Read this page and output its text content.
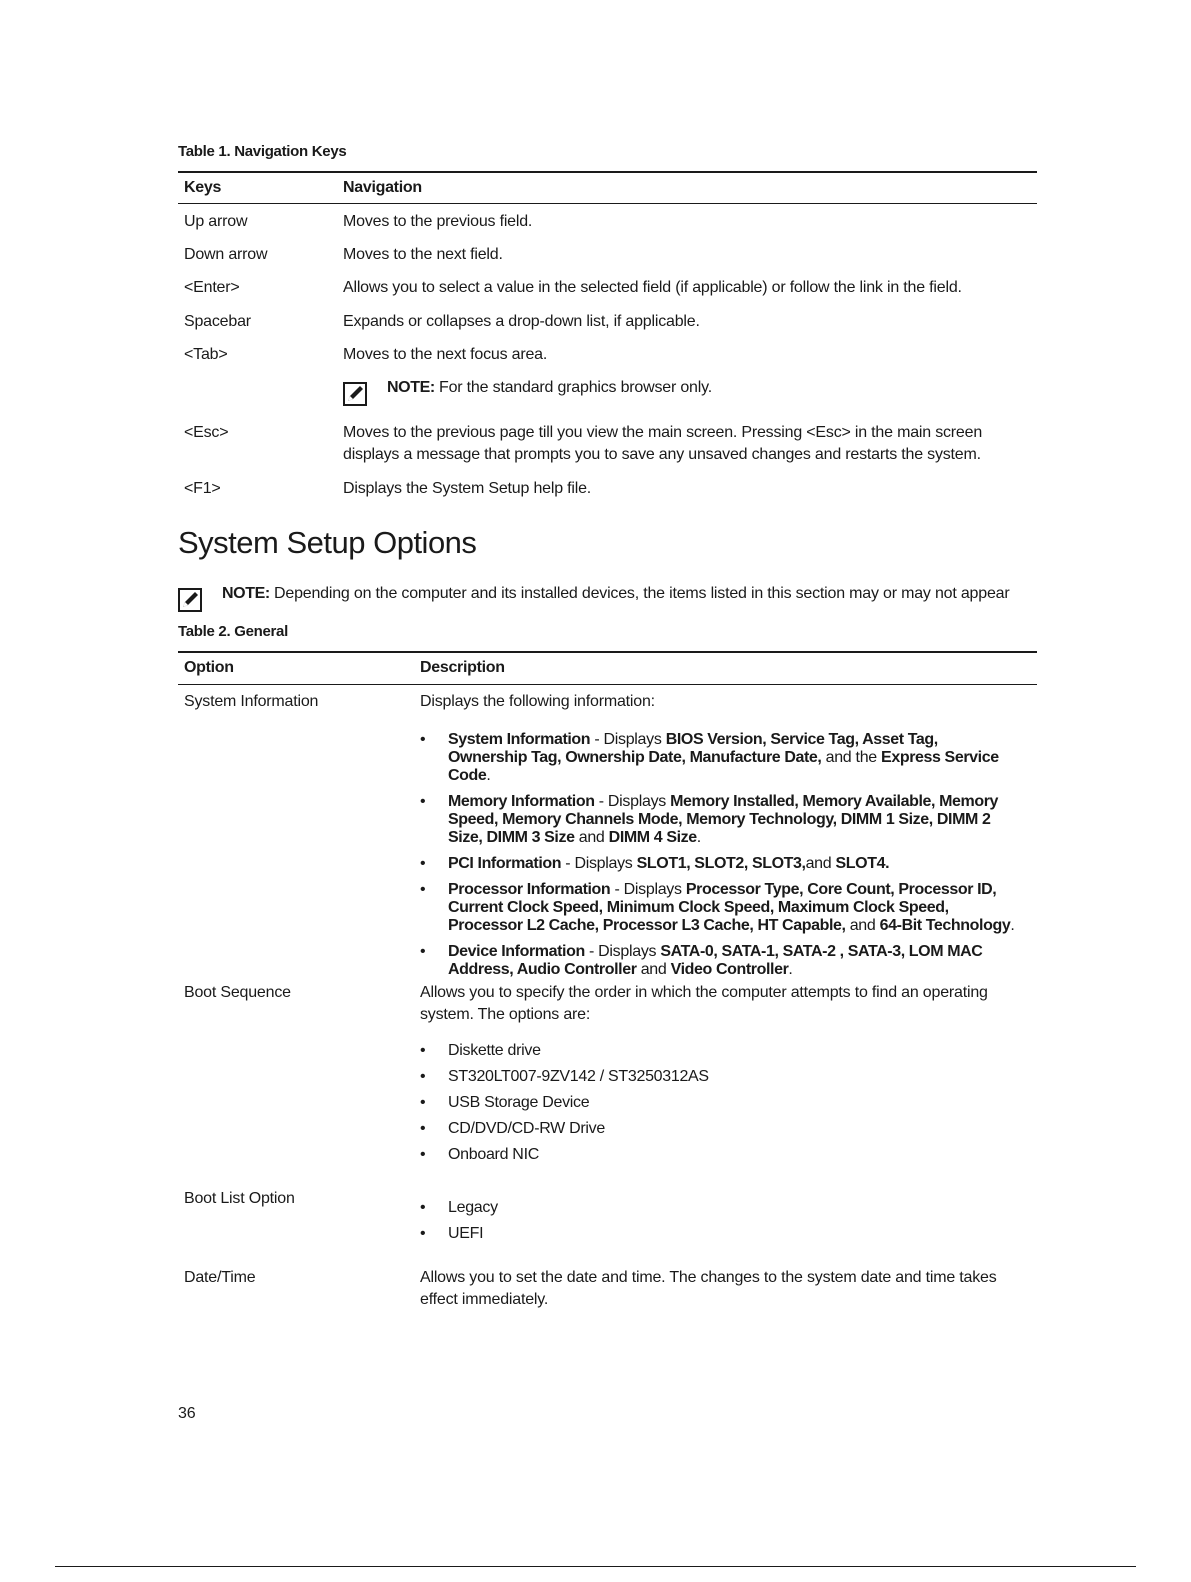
Table 1. Navigation Keys
Keys	Navigation
Up arrow	Moves to the previous field.
Down arrow	Moves to the next field.
<Enter>	Allows you to select a value in the selected field (if applicable) or follow the link in the field.
Spacebar	Expands or collapses a drop-down list, if applicable.
<Tab>	Moves to the next focus area.
NOTE: For the standard graphics browser only.
<Esc>	Moves to the previous page till you view the main screen. Pressing <Esc> in the main screen displays a message that prompts you to save any unsaved changes and restarts the system.
<F1>	Displays the System Setup help file.
System Setup Options
NOTE: Depending on the computer and its installed devices, the items listed in this section may or may not appear
Table 2. General
Option	Description
System Information	Displays the following information:
• System Information - Displays BIOS Version, Service Tag, Asset Tag, Ownership Tag, Ownership Date, Manufacture Date, and the Express Service Code.
• Memory Information - Displays Memory Installed, Memory Available, Memory Speed, Memory Channels Mode, Memory Technology, DIMM 1 Size, DIMM 2 Size, DIMM 3 Size and DIMM 4 Size.
• PCI Information - Displays SLOT1, SLOT2, SLOT3,and SLOT4.
• Processor Information - Displays Processor Type, Core Count, Processor ID, Current Clock Speed, Minimum Clock Speed, Maximum Clock Speed, Processor L2 Cache, Processor L3 Cache, HT Capable, and 64-Bit Technology.
• Device Information - Displays SATA-0, SATA-1, SATA-2 , SATA-3, LOM MAC Address, Audio Controller and Video Controller.
Boot Sequence	Allows you to specify the order in which the computer attempts to find an operating system. The options are:
• Diskette drive
• ST320LT007-9ZV142 / ST3250312AS
• USB Storage Device
• CD/DVD/CD-RW Drive
• Onboard NIC
Boot List Option
• Legacy
• UEFI
Date/Time	Allows you to set the date and time. The changes to the system date and time takes effect immediately.
36
